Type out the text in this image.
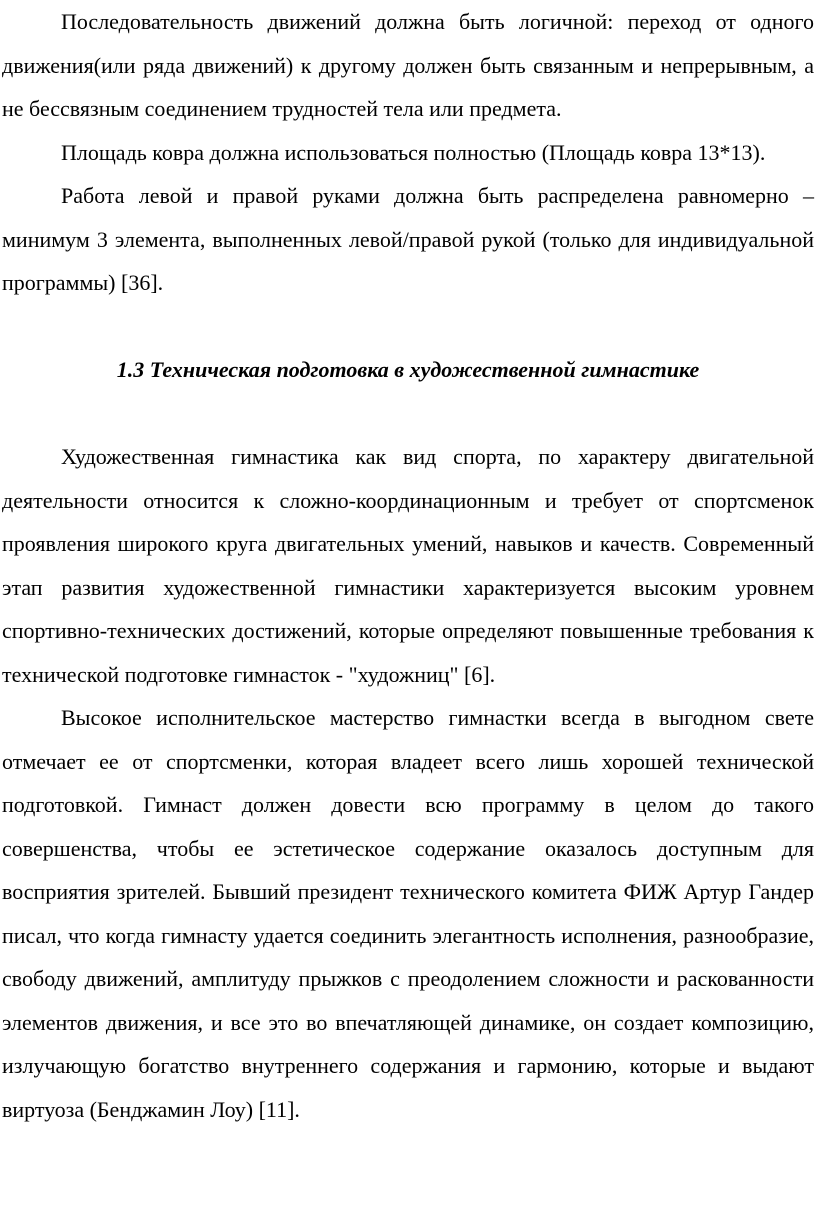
Последовательность движений должна быть логичной: переход от одного движения(или ряда движений) к другому должен быть связанным и непрерывным, а не бессвязным соединением трудностей тела или предмета.

Площадь ковра должна использоваться полностью (Площадь ковра 13*13).

Работа левой и правой руками должна быть распределена равномерно – минимум 3 элемента, выполненных левой/правой рукой (только для индивидуальной программы) [36].

1.3 Техническая подготовка в художественной гимнастике

Художественная гимнастика как вид спорта, по характеру двигательной деятельности относится к сложно-координационным и требует от спортсменок проявления широкого круга двигательных умений, навыков и качеств. Современный этап развития художественной гимнастики характеризуется высоким уровнем спортивно-технических достижений, которые определяют повышенные требования к технической подготовке гимнасток - "художниц" [6].

Высокое исполнительское мастерство гимнастки всегда в выгодном свете отмечает ее от спортсменки, которая владеет всего лишь хорошей технической подготовкой. Гимнаст должен довести всю программу в целом до такого совершенства, чтобы ее эстетическое содержание оказалось доступным для восприятия зрителей. Бывший президент технического комитета ФИЖ Артур Гандер писал, что когда гимнасту удается соединить элегантность исполнения, разнообразие, свободу движений, амплитуду прыжков с преодолением сложности и раскованности элементов движения, и все это во впечатляющей динамике, он создает композицию, излучающую богатство внутреннего содержания и гармонию, которые и выдают виртуоза (Бенджамин Лоу) [11].
